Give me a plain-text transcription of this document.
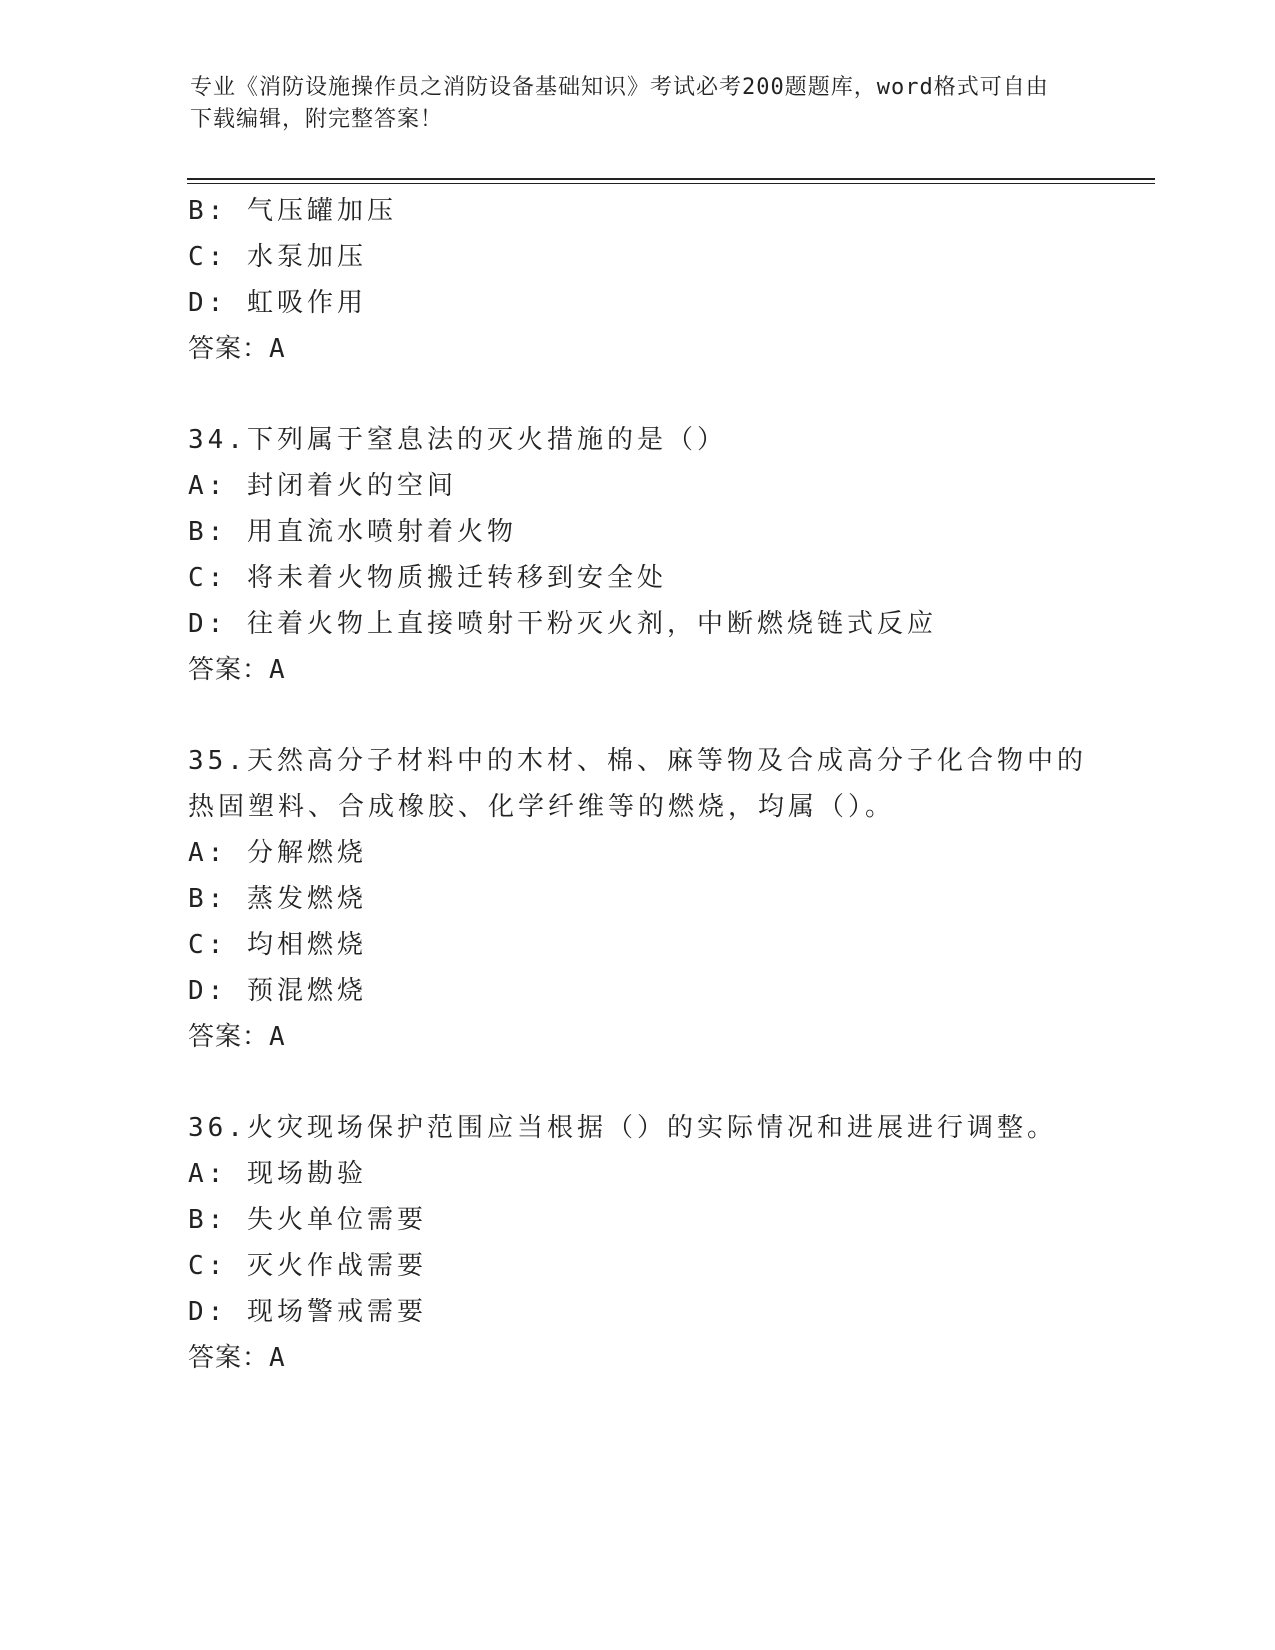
专业《消防设施操作员之消防设备基础知识》考试必考200题题库，word格式可自由下载编辑，附完整答案！
B: 气压罐加压
C: 水泵加压
D: 虹吸作用
答案：A
34.下列属于窒息法的灭火措施的是（）
A: 封闭着火的空间
B: 用直流水喷射着火物
C: 将未着火物质搬迁转移到安全处
D: 往着火物上直接喷射干粉灭火剂，中断燃烧链式反应
答案：A
35.天然高分子材料中的木材、棉、麻等物及合成高分子化合物中的热固塑料、合成橡胶、化学纤维等的燃烧，均属（）。
A: 分解燃烧
B: 蒸发燃烧
C: 均相燃烧
D: 预混燃烧
答案：A
36.火灾现场保护范围应当根据（）的实际情况和进展进行调整。
A: 现场勘验
B: 失火单位需要
C: 灭火作战需要
D: 现场警戒需要
答案：A
